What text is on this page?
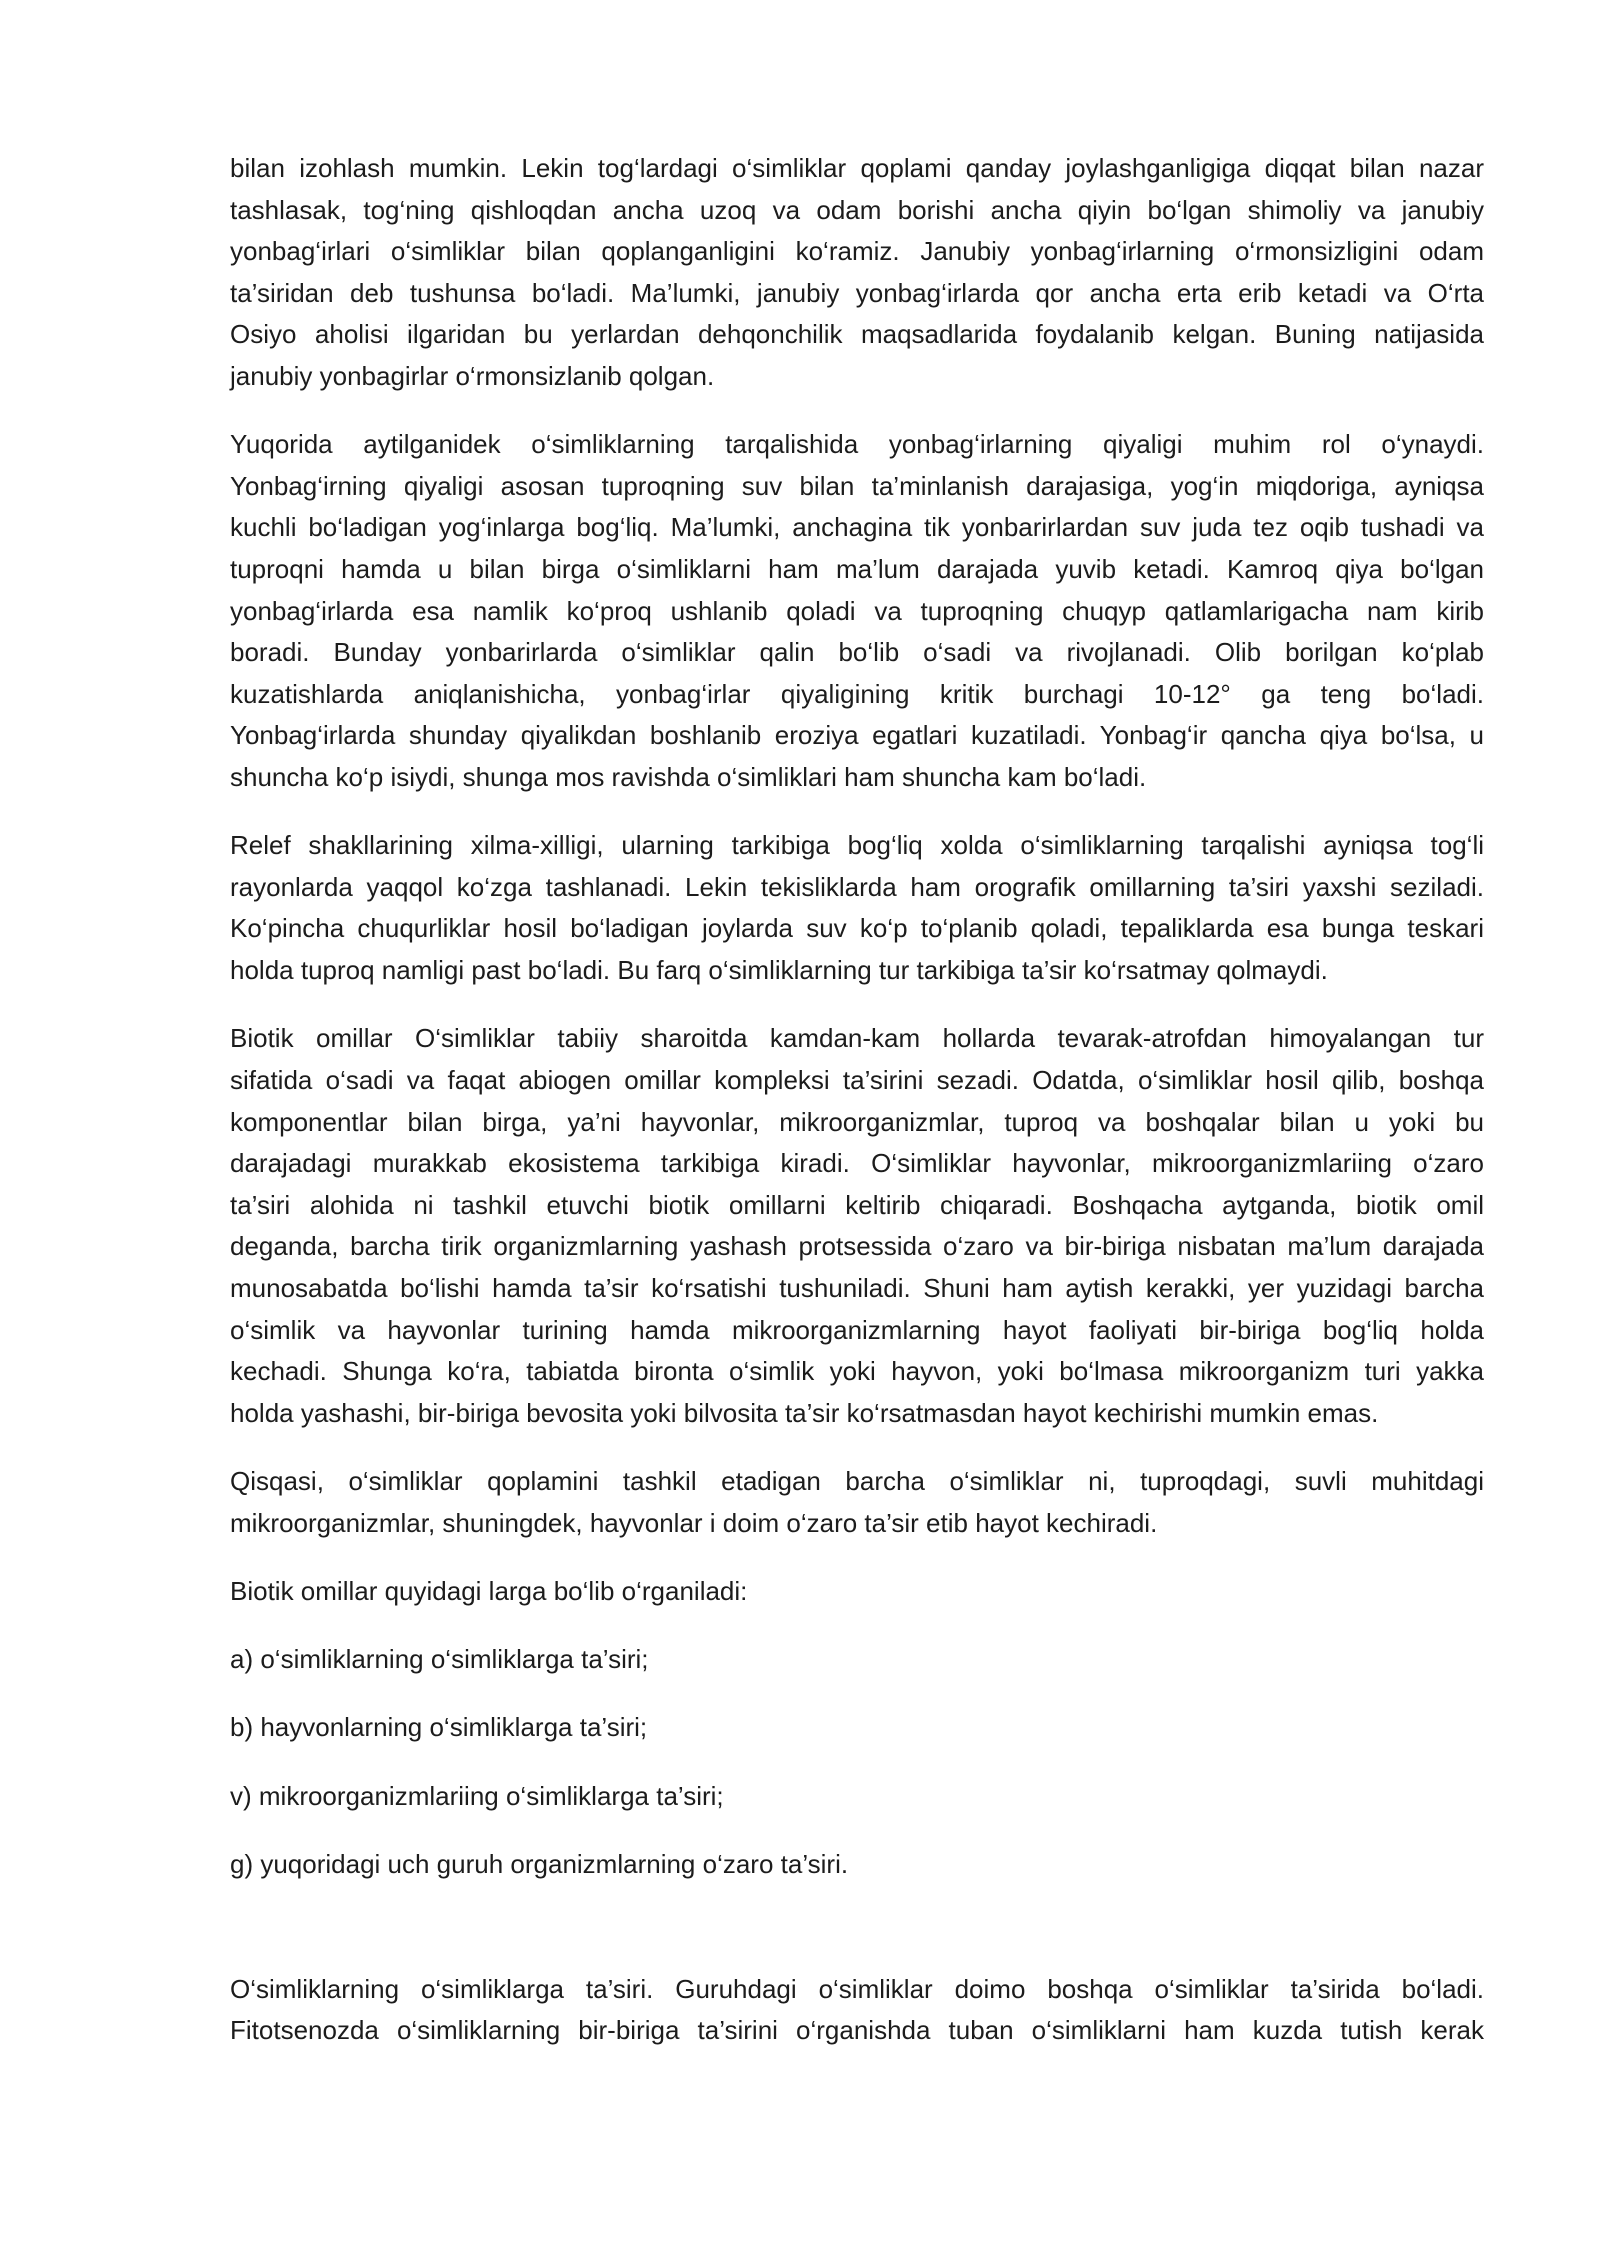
bilan izohlash mumkin. Lekin tog‘lardagi o‘simliklar qoplami qanday joylashganligiga diqqat bilan nazar
tashlasak, tog‘ning qishloqdan ancha uzoq va odam borishi ancha qiyin bo‘lgan shimoliy va janubiy
yonbag‘irlari o‘simliklar bilan qoplanganligini ko‘ramiz. Janubiy yonbag‘irlarning o‘rmonsizligini odam
ta’siridan deb tushunsa bo‘ladi. Ma’lumki, janubiy yonbag‘irlarda qor ancha erta erib ketadi va O‘rta
Osiyo aholisi ilgaridan bu yerlardan dehqonchilik maqsadlarida foydalanib kelgan. Buning natijasida
janubiy yonbagirlar o‘rmonsizlanib qolgan.
Yuqorida aytilganidek o‘simliklarning tarqalishida yonbag‘irlarning qiyaligi muhim rol o‘ynaydi.
Yonbag‘irning qiyaligi asosan tuproqning suv bilan ta’minlanish darajasiga, yog‘in miqdoriga, ayniqsa
kuchli bo‘ladigan yog‘inlarga bog‘liq. Ma’lumki, anchagina tik yonbarirlardan suv juda tez oqib tushadi va
tuproqni hamda u bilan birga o‘simliklarni ham ma’lum darajada yuvib ketadi. Kamroq qiya bo‘lgan
yonbag‘irlarda esa namlik ko‘proq ushlanib qoladi va tuproqning chuqyp qatlamlarigacha nam kirib
boradi. Bunday yonbarirlarda o‘simliklar qalin bo‘lib o‘sadi va rivojlanadi. Olib borilgan ko‘plab
kuzatishlarda aniqlanishicha, yonbag‘irlar qiyaligining kritik burchagi 10-12° ga teng bo‘ladi.
Yonbag‘irlarda shunday qiyalikdan boshlanib eroziya egatlari kuzatiladi. Yonbag‘ir qancha qiya bo‘lsa, u
shuncha ko‘p isiydi, shunga mos ravishda o‘simliklari ham shuncha kam bo‘ladi.
Relef shakllarining xilma-xilligi, ularning tarkibiga bog‘liq xolda o‘simliklarning tarqalishi ayniqsa tog‘li
rayonlarda yaqqol ko‘zga tashlanadi. Lekin tekisliklarda ham orografik omillarning ta’siri yaxshi seziladi.
Ko‘pincha chuqurliklar hosil bo‘ladigan joylarda suv ko‘p to‘planib qoladi, tepaliklarda esa bunga teskari
holda tuproq namligi past bo‘ladi. Bu farq o‘simliklarning tur tarkibiga ta’sir ko‘rsatmay qolmaydi.
Biotik omillar O‘simliklar tabiiy sharoitda kamdan-kam hollarda tevarak-atrofdan himoyalangan tur
sifatida o‘sadi va faqat abiogen omillar kompleksi ta’sirini sezadi. Odatda, o‘simliklar hosil qilib, boshqa
komponentlar bilan birga, ya’ni hayvonlar, mikroorganizmlar, tuproq va boshqalar bilan u yoki bu
darajadagi murakkab ekosistema tarkibiga kiradi. O‘simliklar hayvonlar, mikroorganizmlariing o‘zaro
ta’siri alohida ni tashkil etuvchi biotik omillarni keltirib chiqaradi. Boshqacha aytganda, biotik omil
deganda, barcha tirik organizmlarning yashash protsessida o‘zaro va bir-biriga nisbatan ma’lum darajada
munosabatda bo‘lishi hamda ta’sir ko‘rsatishi tushuniladi. Shuni ham aytish kerakki, yer yuzidagi barcha
o‘simlik va hayvonlar turining hamda mikroorganizmlarning hayot faoliyati bir-biriga bog‘liq holda
kechadi. Shunga ko‘ra, tabiatda bironta o‘simlik yoki hayvon, yoki bo‘lmasa mikroorganizm turi yakka
holda yashashi, bir-biriga bevosita yoki bilvosita ta’sir ko‘rsatmasdan hayot kechirishi mumkin emas.
Qisqasi, o‘simliklar qoplamini tashkil etadigan barcha o‘simliklar ni, tuproqdagi, suvli muhitdagi
mikroorganizmlar, shuningdek, hayvonlar i doim o‘zaro ta’sir etib hayot kechiradi.
Biotik omillar quyidagi larga bo‘lib o‘rganiladi:
a) o‘simliklarning o‘simliklarga ta’siri;
b) hayvonlarning o‘simliklarga ta’siri;
v) mikroorganizmlariing o‘simliklarga ta’siri;
g) yuqoridagi uch guruh organizmlarning o‘zaro ta’siri.
O‘simliklarning o‘simliklarga ta’siri. Guruhdagi o‘simliklar doimo boshqa o‘simliklar ta’sirida bo‘ladi.
Fitotsenozda o‘simliklarning bir-biriga ta’sirini o‘rganishda tuban o‘simliklarni ham kuzda tutish kerak
